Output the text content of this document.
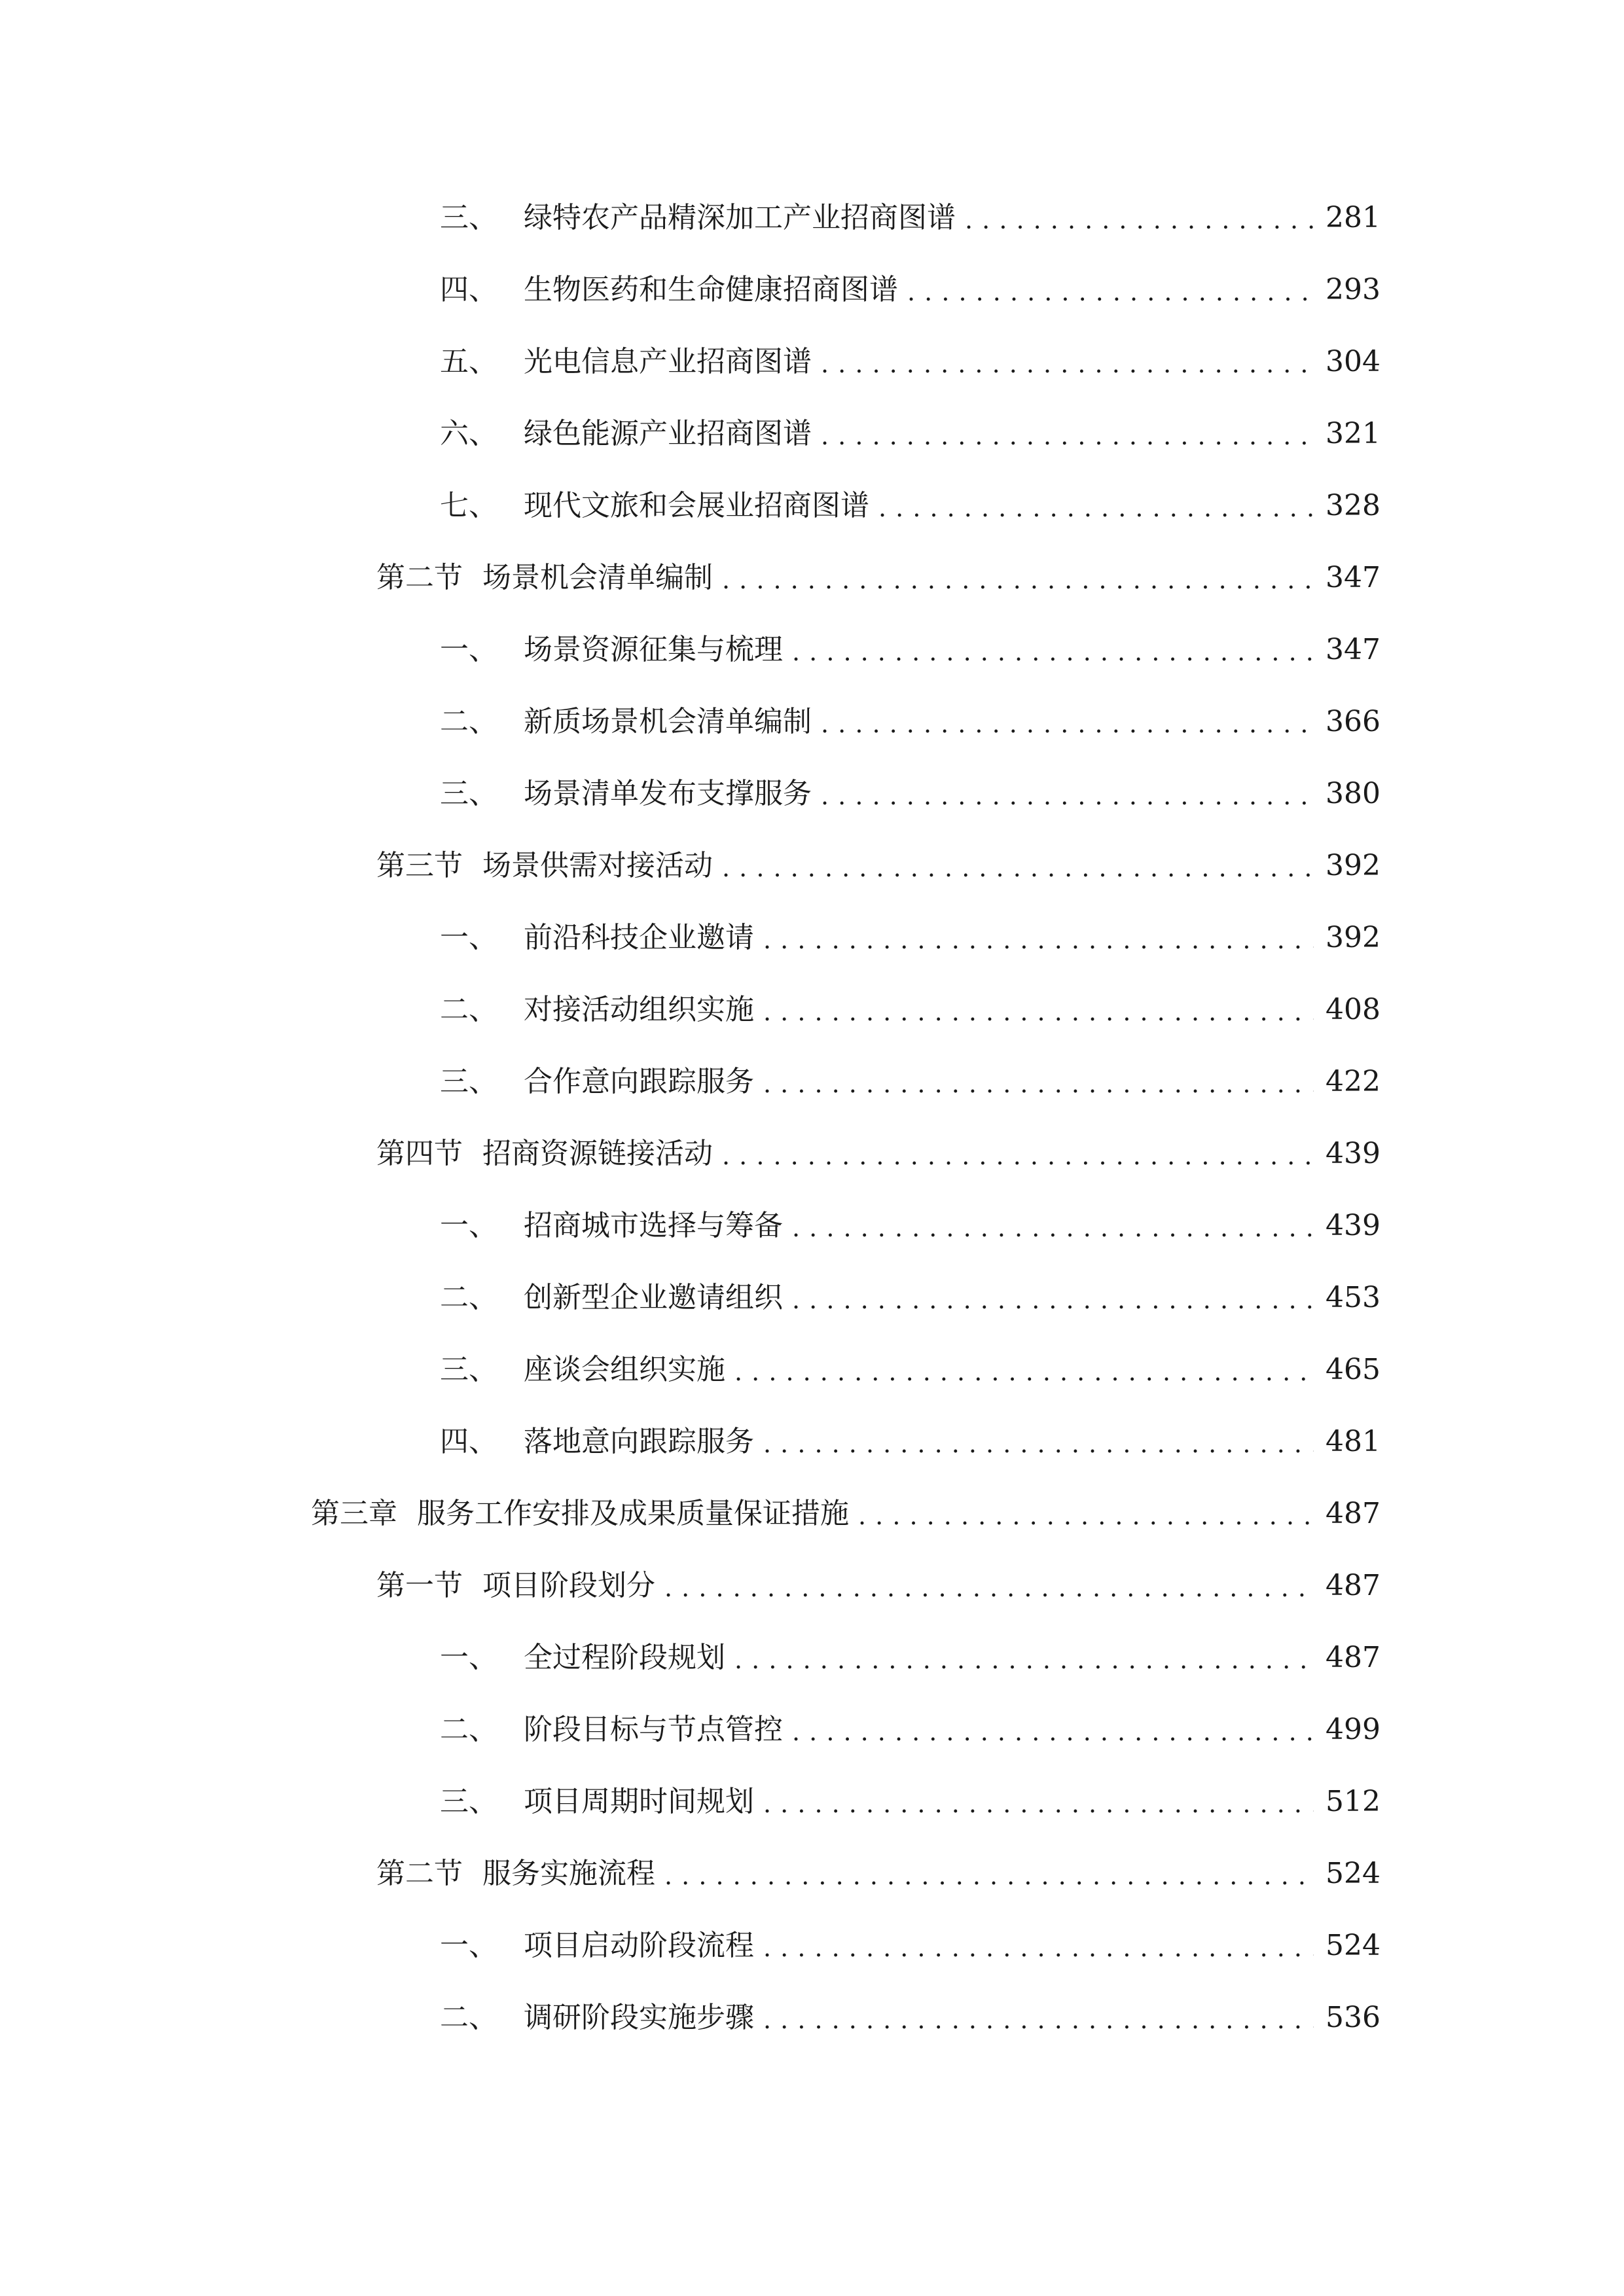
三、 绿特农产品精深加工产业招商图谱 . . .	281
四、 生物医药和生命健康招商图谱 . . .	293
五、 光电信息产业招商图谱 . . .	304
六、 绿色能源产业招商图谱 . . .	321
七、 现代文旅和会展业招商图谱 . . .	328
第二节 场景机会清单编制 . . .	347
一、 场景资源征集与梳理 . . .	347
二、 新质场景机会清单编制 . . .	366
三、 场景清单发布支撑服务 . . .	380
第三节 场景供需对接活动 . . .	392
一、 前沿科技企业邀请 . . .	392
二、 对接活动组织实施 . . .	408
三、 合作意向跟踪服务 . . .	422
第四节 招商资源链接活动 . . .	439
一、 招商城市选择与筹备 . . .	439
二、 创新型企业邀请组织 . . .	453
三、 座谈会组织实施 . . .	465
四、 落地意向跟踪服务 . . .	481
第三章 服务工作安排及成果质量保证措施 . . .	487
第一节 项目阶段划分 . . .	487
一、 全过程阶段规划 . . .	487
二、 阶段目标与节点管控 . . .	499
三、 项目周期时间规划 . . .	512
第二节 服务实施流程 . . .	524
一、 项目启动阶段流程 . . .	524
二、 调研阶段实施步骤 . . .	536
